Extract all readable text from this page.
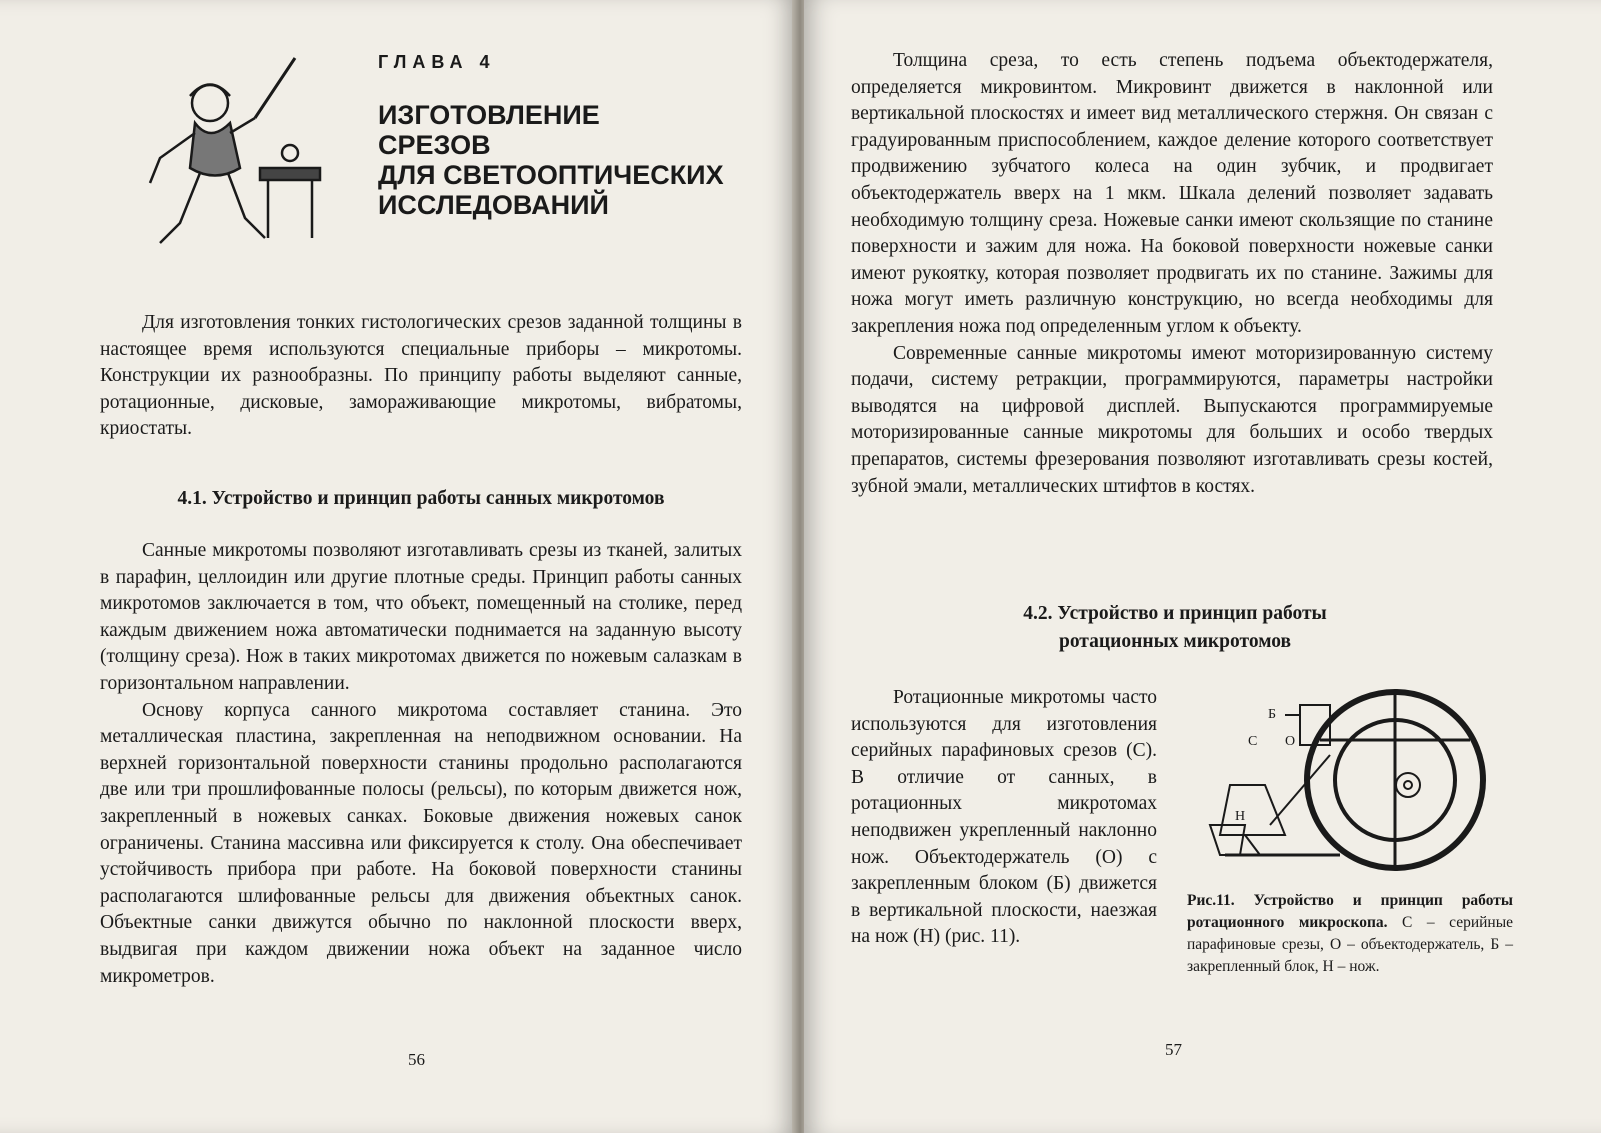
ГЛАВА 4
ИЗГОТОВЛЕНИЕ
СРЕЗОВ
ДЛЯ СВЕТООПТИЧЕСКИХ
ИССЛЕДОВАНИЙ

Для изготовления тонких гистологических срезов заданной толщины в настоящее время используются специальные приборы – микротомы. Конструкции их разнообразны. По принципу работы выделяют санные, ротационные, дисковые, замораживающие микротомы, вибратомы, криостаты.

4.1. Устройство и принцип работы санных микротомов

Санные микротомы позволяют изготавливать срезы из тканей, залитых в парафин, целлоидин или другие плотные среды. Принцип работы санных микротомов заключается в том, что объект, помещенный на столике, перед каждым движением ножа автоматически поднимается на заданную высоту (толщину среза). Нож в таких микротомах движется по ножевым салазкам в горизонтальном направлении.

Основу корпуса санного микротома составляет станина. Это металлическая пластина, закрепленная на неподвижном основании. На верхней горизонтальной поверхности станины продольно располагаются две или три прошлифованные полосы (рельсы), по которым движется нож, закрепленный в ножевых санках. Боковые движения ножевых санок ограничены. Станина массивна или фиксируется к столу. Она обеспечивает устойчивость прибора при работе. На боковой поверхности станины располагаются шлифованные рельсы для движения объектных санок. Объектные санки движутся обычно по наклонной плоскости вверх, выдвигая при каждом движении ножа объект на заданное число микрометров.

56

Толщина среза, то есть степень подъема объектодержателя, определяется микровинтом. Микровинт движется в наклонной или вертикальной плоскостях и имеет вид металлического стержня. Он связан с градуированным приспособлением, каждое деление которого соответствует продвижению зубчатого колеса на один зубчик, и продвигает объектодержатель вверх на 1 мкм. Шкала делений позволяет задавать необходимую толщину среза. Ножевые санки имеют скользящие по станине поверхности и зажим для ножа. На боковой поверхности ножевые санки имеют рукоятку, которая позволяет продвигать их по станине. Зажимы для ножа могут иметь различную конструкцию, но всегда необходимы для закрепления ножа под определенным углом к объекту.

Современные санные микротомы имеют моторизированную систему подачи, систему ретракции, программируются, параметры настройки выводятся на цифровой дисплей. Выпускаются программируемые моторизированные санные микротомы для больших и особо твердых препаратов, системы фрезерования позволяют изготавливать срезы костей, зубной эмали, металлических штифтов в костях.

4.2. Устройство и принцип работы
ротационных микротомов

Ротационные микротомы часто используются для изготовления серийных парафиновых срезов (С). В отличие от санных, в ротационных микротомах неподвижен укрепленный наклонно нож. Объектодержатель (О) с закрепленным блоком (Б) движется в вертикальной плоскости, наезжая на нож (Н) (рис. 11).

Б
С О
Н
Рис.11. Устройство и принцип работы ротационного микроскопа. С – серийные парафиновые срезы, О – объектодержатель, Б – закрепленный блок, Н – нож.
57
